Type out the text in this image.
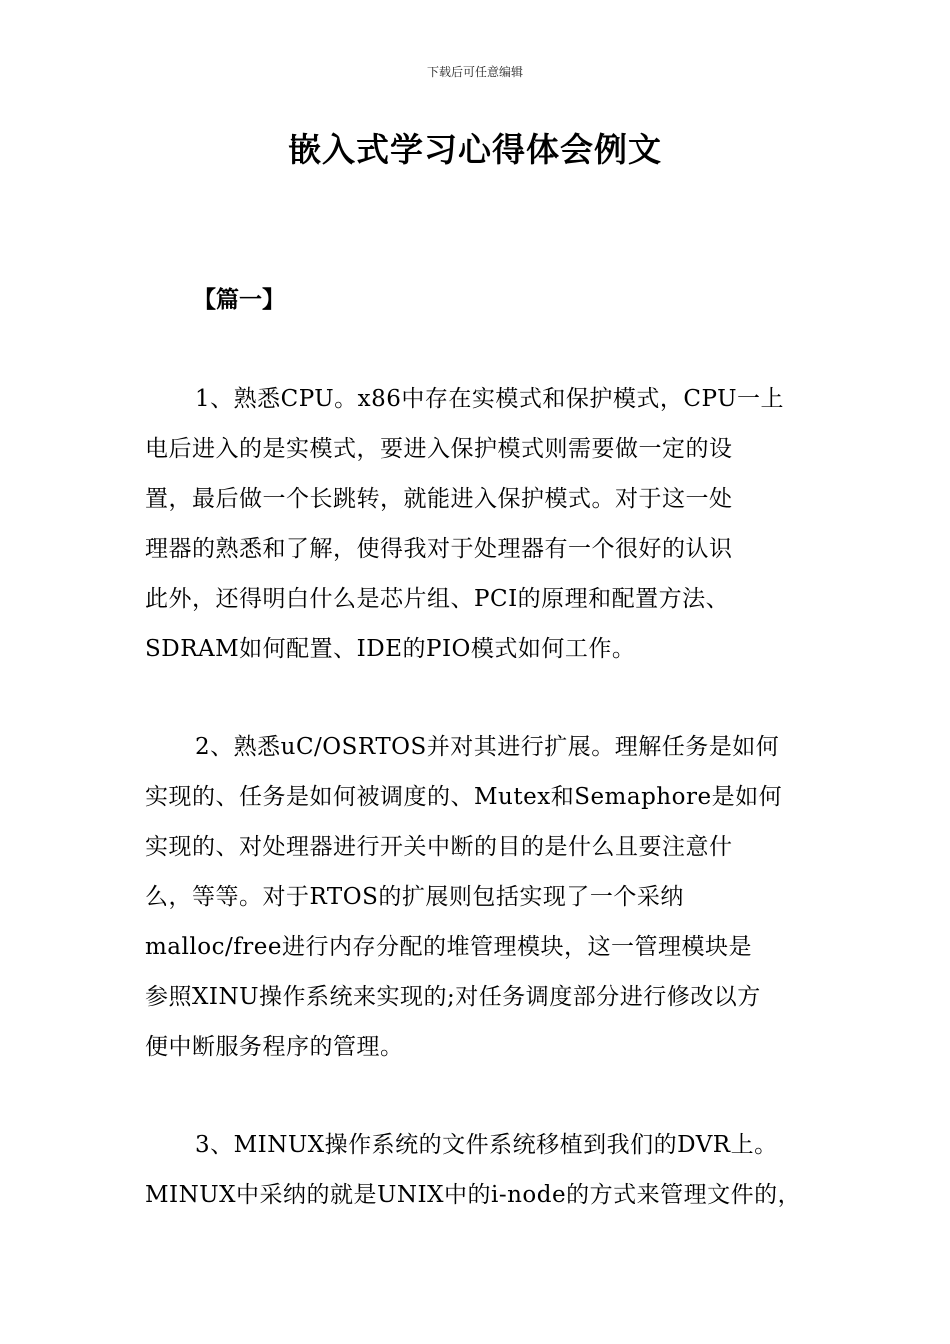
下载后可任意编辑
嵌入式学习心得体会例文
【篇一】
1、熟悉CPU。x86中存在实模式和保护模式，CPU一上
电后进入的是实模式，要进入保护模式则需要做一定的设
置，最后做一个长跳转，就能进入保护模式。对于这一处
理器的熟悉和了解，使得我对于处理器有一个很好的认识
此外，还得明白什么是芯片组、PCI的原理和配置方法、
SDRAM如何配置、IDE的PIO模式如何工作。
2、熟悉uC/OSRTOS并对其进行扩展。理解任务是如何
实现的、任务是如何被调度的、Mutex和Semaphore是如何
实现的、对处理器进行开关中断的目的是什么且要注意什
么，等等。对于RTOS的扩展则包括实现了一个采纳
malloc/free进行内存分配的堆管理模块，这一管理模块是
参照XINU操作系统来实现的;对任务调度部分进行修改以方
便中断服务程序的管理。
3、MINUX操作系统的文件系统移植到我们的DVR上。
MINUX中采纳的就是UNIX中的i-node的方式来管理文件的，
